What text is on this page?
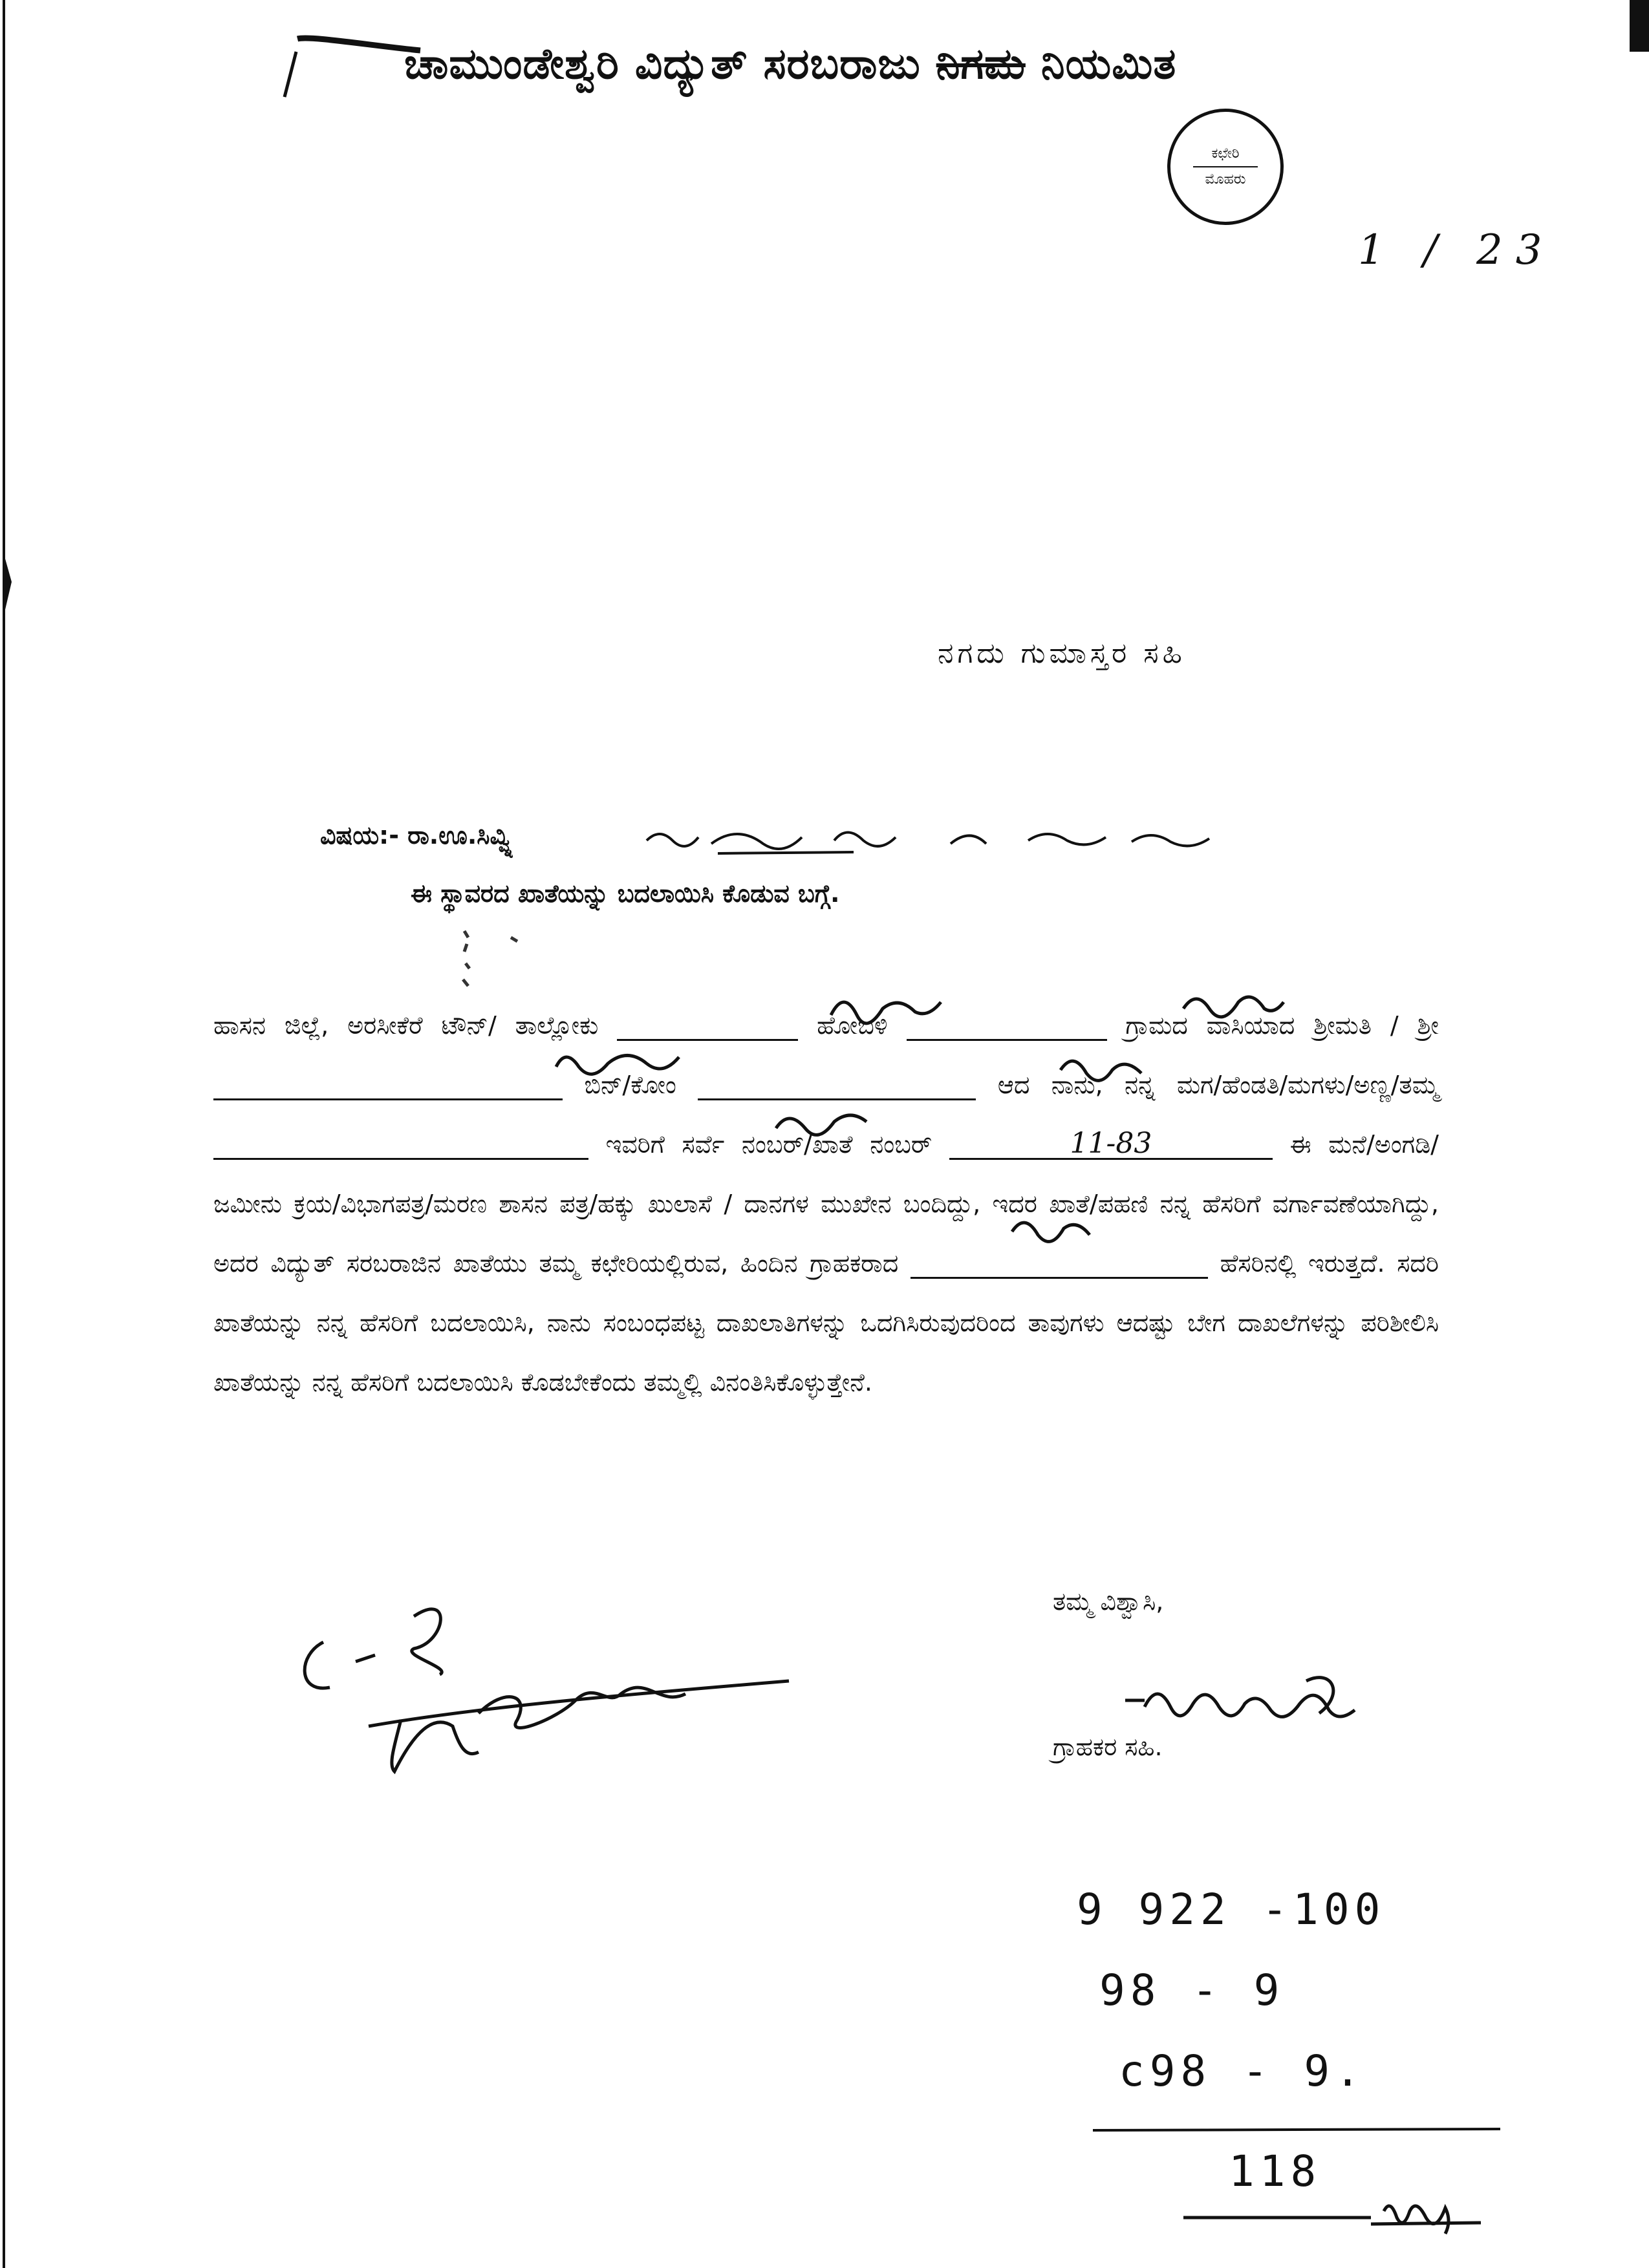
ಚಾಮುಂಡೇಶ್ವರಿ ವಿದ್ಯುತ್ ಸರಬರಾಜು ನಿಗಮ ನಿಯಮಿತ
ಕಛೇರಿ
ಮೊಹರು
1 / 23
ನಗದು ಗುಮಾಸ್ತರ ಸಹಿ
ವಿಷಯ:- ರಾ.ಊ.ಸಿವ್ವ್ನಿ
ಈ ಸ್ಥಾವರದ ಖಾತೆಯನ್ನು ಬದಲಾಯಿಸಿ ಕೊಡುವ ಬಗ್ಗೆ.
ಹಾಸನ ಜಿಲ್ಲೆ, ಅರಸೀಕೆರೆ ಟೌನ್/ ತಾಲ್ಲೋಕು	ಹೋಬಳಿ	ಗ್ರಾಮದ ವಾಸಿಯಾದ ಶ್ರೀಮತಿ / ಶ್ರೀ   ಬಿನ್/ಕೋಂ	ಆದ ನಾನು, ನನ್ನ ಮಗ/ಹೆಂಡತಿ/ಮಗಳು/ಅಣ್ಣ/ತಮ್ಮ   ಇವರಿಗೆ ಸರ್ವೆ ನಂಬರ್/ಖಾತೆ ನಂಬರ್	11-83	ಈ ಮನೆ/ಅಂಗಡಿ/ಜಮೀನು ಕ್ರಯ/ವಿಭಾಗಪತ್ರ/ಮರಣ ಶಾಸನ ಪತ್ರ/ಹಕ್ಕು ಖುಲಾಸೆ / ದಾನಗಳ ಮುಖೇನ ಬಂದಿದ್ದು, ಇದರ ಖಾತೆ/ಪಹಣಿ ನನ್ನ ಹೆಸರಿಗೆ ವರ್ಗಾವಣೆಯಾಗಿದ್ದು, ಅದರ ವಿದ್ಯುತ್ ಸರಬರಾಜಿನ ಖಾತೆಯು ತಮ್ಮ ಕಛೇರಿಯಲ್ಲಿರುವ, ಹಿಂದಿನ ಗ್ರಾಹಕರಾದ	ಹೆಸರಿನಲ್ಲಿ ಇರುತ್ತದೆ. ಸದರಿ ಖಾತೆಯನ್ನು ನನ್ನ ಹೆಸರಿಗೆ ಬದಲಾಯಿಸಿ, ನಾನು ಸಂಬಂಧಪಟ್ಟ ದಾಖಲಾತಿಗಳನ್ನು ಒದಗಿಸಿರುವುದರಿಂದ ತಾವುಗಳು ಆದಷ್ಟು ಬೇಗ ದಾಖಲೆಗಳನ್ನು ಪರಿಶೀಲಿಸಿ ಖಾತೆಯನ್ನು ನನ್ನ ಹೆಸರಿಗೆ ಬದಲಾಯಿಸಿ ಕೊಡಬೇಕೆಂದು ತಮ್ಮಲ್ಲಿ ವಿನಂತಿಸಿಕೊಳ್ಳುತ್ತೇನೆ.
ತಮ್ಮ ವಿಶ್ವಾಸಿ,
ಗ್ರಾಹಕರ ಸಹಿ.
9 922 -100
98 - 9
c98 - 9.
118
